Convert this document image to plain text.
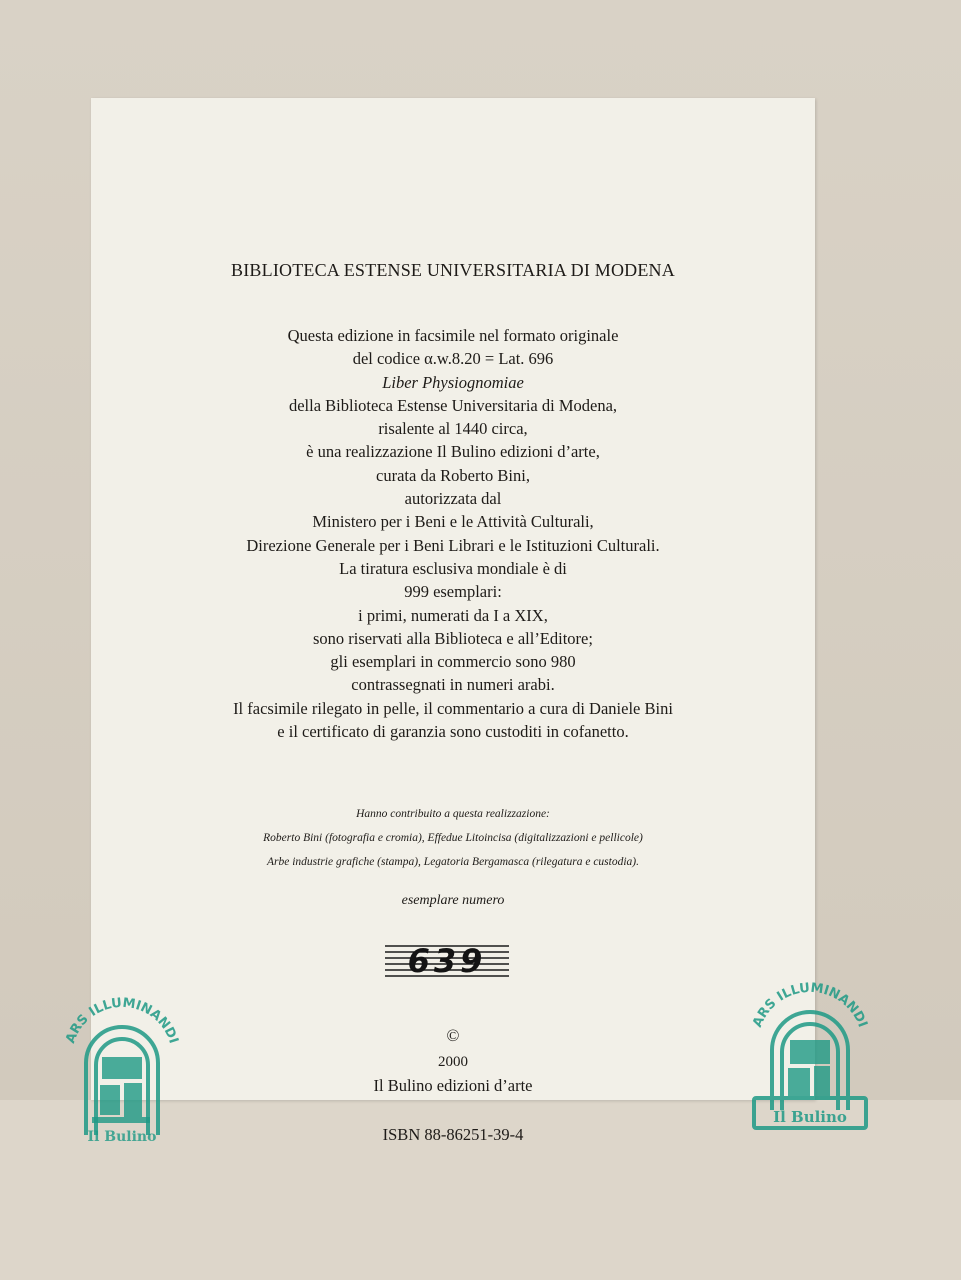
BIBLIOTECA ESTENSE UNIVERSITARIA DI MODENA
Questa edizione in facsimile nel formato originale
del codice α.w.8.20 = Lat. 696
Liber Physiognomiae
della Biblioteca Estense Universitaria di Modena,
risalente al 1440 circa,
è una realizzazione Il Bulino edizioni d’arte,
curata da Roberto Bini,
autorizzata dal
Ministero per i Beni e le Attività Culturali,
Direzione Generale per i Beni Librari e le Istituzioni Culturali.
La tiratura esclusiva mondiale è di
999 esemplari:
i primi, numerati da I a XIX,
sono riservati alla Biblioteca e all’Editore;
gli esemplari in commercio sono 980
contrassegnati in numeri arabi.
Il facsimile rilegato in pelle, il commentario a cura di Daniele Bini
e il certificato di garanzia sono custoditi in cofanetto.
Hanno contribuito a questa realizzazione:
Roberto Bini (fotografia e cromia), Effedue Litoincisa (digitalizzazioni e pellicole)
Arbe industrie grafiche (stampa), Legatoria Bergamasca (rilegatura e custodia).
esemplare numero
639
©
2000
Il Bulino edizioni d’arte
ISBN 88-86251-39-4
ARS ILLUMINANDI
Il Bulino
ARS ILLUMINANDI
Il Bulino
